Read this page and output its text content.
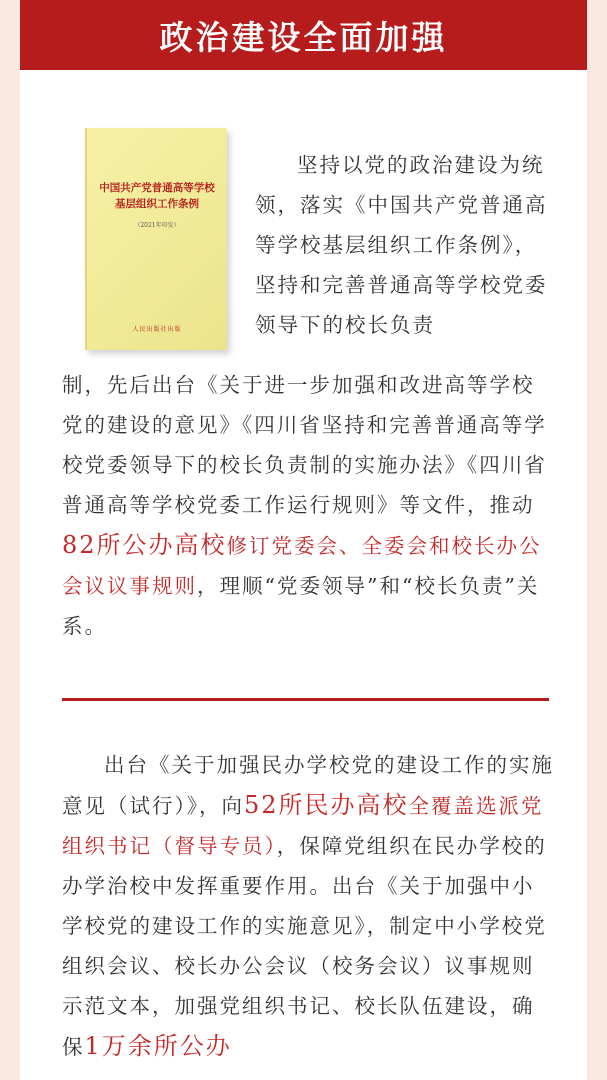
政治建设全面加强
中国共产党普通高等学校基层组织工作条例
（2021年印发）
人民出版社出版

坚持以党的政治建设为统领，落实《中国共产党普通高等学校基层组织工作条例》，坚持和完善普通高等学校党委领导下的校长负责

制，先后出台《关于进一步加强和改进高等学校党的建设的意见》《四川省坚持和完善普通高等学校党委领导下的校长负责制的实施办法》《四川省普通高等学校党委工作运行规则》等文件，推动82所公办高校修订党委会、全委会和校长办公会议议事规则，理顺“党委领导”和“校长负责”关系。

出台《关于加强民办学校党的建设工作的实施意见（试行）》，向52所民办高校全覆盖选派党组织书记（督导专员），保障党组织在民办学校的办学治校中发挥重要作用。出台《关于加强中小学校党的建设工作的实施意见》，制定中小学校党组织会议、校长办公会议（校务会议）议事规则示范文本，加强党组织书记、校长队伍建设，确保1万余所公办
